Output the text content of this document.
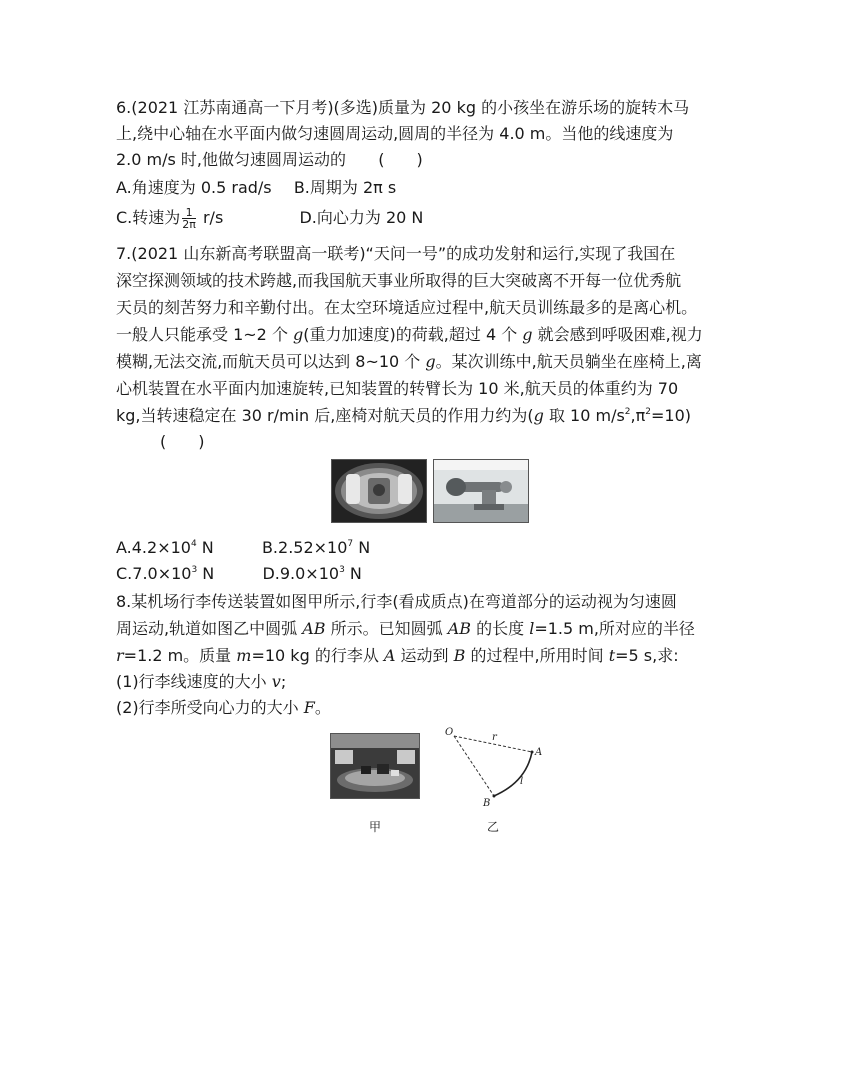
6.(2021 江苏南通高一下月考)(多选)质量为 20 kg 的小孩坐在游乐场的旋转木马
上,绕中心轴在水平面内做匀速圆周运动,圆周的半径为 4.0 m。当他的线速度为
2.0 m/s 时,他做匀速圆周运动的 (　　)
A.角速度为 0.5 rad/s B.周期为 2π s
C.转速为 $\frac{1}{2\pi} r/s$	D.向心力为 20 N
7.(2021 山东新高考联盟高一联考)“天问一号”的成功发射和运行,实现了我国在
深空探测领域的技术跨越,而我国航天事业所取得的巨大突破离不开每一位优秀航
天员的刻苦努力和辛勤付出。在太空环境适应过程中,航天员训练最多的是离心机。
一般人只能承受 1~2 个 g(重力加速度)的荷载,超过 4 个 g 就会感到呼吸困难,视力
模糊,无法交流,而航天员可以达到 8~10 个 g。某次训练中,航天员躺坐在座椅上,离
心机装置在水平面内加速旋转,已知装置的转臂长为 10 米,航天员的体重约为 70
kg,当转速稳定在 30 r/min 后,座椅对航天员的作用力约为(g 取 10 $m/s^2,\pi^2=10$)
(　　)
$A.4.2\times 10^4$ N	$B.2.52\times 10^7$ N
$C.7.0\times 10^3$ N	$D.9.0\times 10^3$ N
8.某机场行李传送装置如图甲所示,行李(看成质点)在弯道部分的运动视为匀速圆
周运动,轨道如图乙中圆弧 AB 所示。已知圆弧 AB 的长度 l=1.5 m,所对应的半径
r=1.2 m。质量 m=10 kg 的行李从 A 运动到 B 的过程中,所用时间 t=5 s,求:
(1)行李线速度的大小 v;
(2)行李所受向心力的大小 F。
甲
O	r
A
B
l
乙
